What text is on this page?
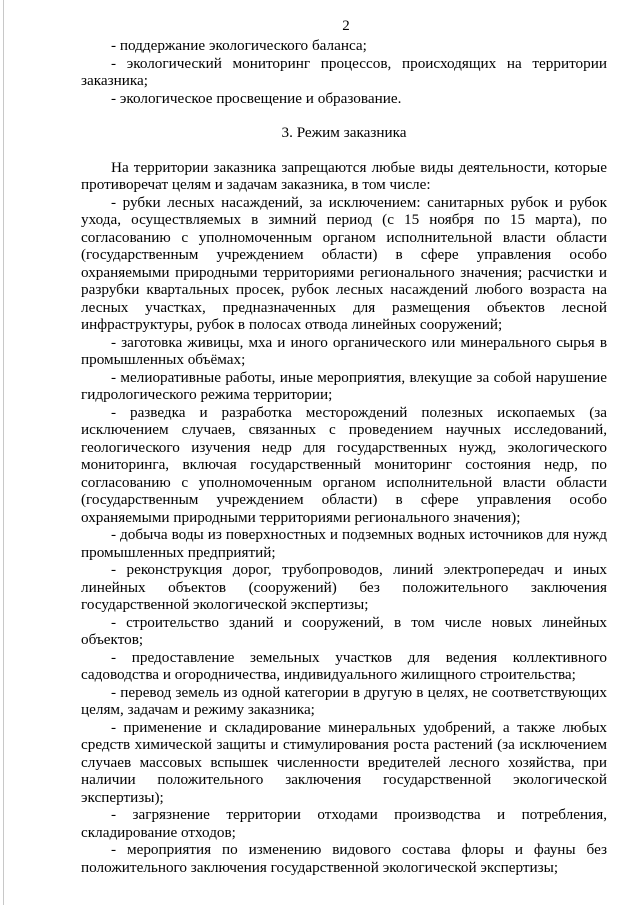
2

- поддержание экологического баланса;

- экологический мониторинг процессов, происходящих на территории заказника;

- экологическое просвещение и образование.

3. Режим заказника

На территории заказника запрещаются любые виды деятельности, которые противоречат целям и задачам заказника, в том числе:

- рубки лесных насаждений, за исключением: санитарных рубок и рубок ухода, осуществляемых в зимний период (с 15 ноября по 15 марта), по согласованию с уполномоченным органом исполнительной власти области (государственным учреждением области) в сфере управления особо охраняемыми природными территориями регионального значения; расчистки и разрубки квартальных просек, рубок лесных насаждений любого возраста на лесных участках, предназначенных для размещения объектов лесной инфраструктуры, рубок в полосах отвода линейных сооружений;

- заготовка живицы, мха и иного органического или минерального сырья в промышленных объёмах;

- мелиоративные работы, иные мероприятия, влекущие за собой нарушение гидрологического режима территории;

- разведка и разработка месторождений полезных ископаемых (за исключением случаев, связанных с проведением научных исследований, геологического изучения недр для государственных нужд, экологического мониторинга, включая государственный мониторинг состояния недр, по согласованию с уполномоченным органом исполнительной власти области (государственным учреждением области) в сфере управления особо охраняемыми природными территориями регионального значения);

- добыча воды из поверхностных и подземных водных источников для нужд промышленных предприятий;

- реконструкция дорог, трубопроводов, линий электропередач и иных линейных объектов (сооружений) без положительного заключения государственной экологической экспертизы;

- строительство зданий и сооружений, в том числе новых линейных объектов;

- предоставление земельных участков для ведения коллективного садоводства и огородничества, индивидуального жилищного строительства;

- перевод земель из одной категории в другую в целях, не соответствующих целям, задачам и режиму заказника;

- применение и складирование минеральных удобрений, а также любых средств химической защиты и стимулирования роста растений (за исключением случаев массовых вспышек численности вредителей лесного хозяйства, при наличии положительного заключения государственной экологической экспертизы);

- загрязнение территории отходами производства и потребления, складирование отходов;

- мероприятия по изменению видового состава флоры и фауны без положительного заключения государственной экологической экспертизы;
